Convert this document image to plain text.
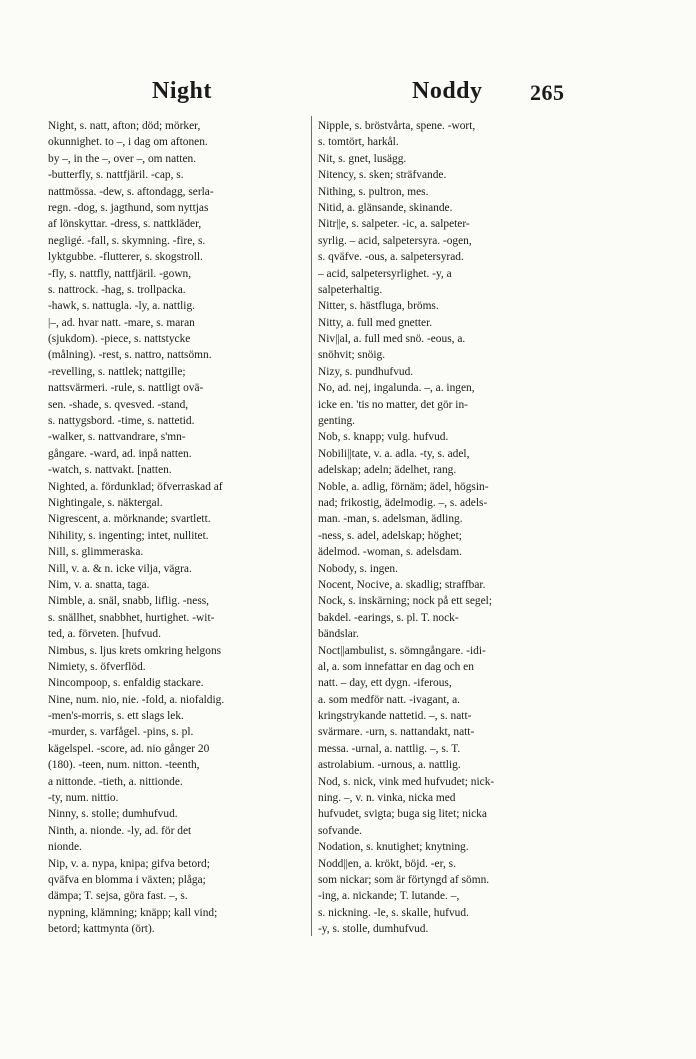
Night	Noddy 265
Night, s. natt, afton; död; mörker,
okunnighet. to –, i dag om aftonen.
by –, in the –, over –, om natten.
-butterfly, s. nattfjäril. -cap, s.
nattmössa. -dew, s. aftondagg, serla-
regn. -dog, s. jagthund, som nyttjas
af lönskyttar. -dress, s. nattkläder,
negligé. -fall, s. skymning. -fire, s.
lyktgubbe. -flutterer, s. skogstroll.
-fly, s. nattfly, nattfjäril. -gown,
s. nattrock. -hag, s. trollpacka.
-hawk, s. nattugla. -ly, a. nattlig.
|–, ad. hvar natt. -mare, s. maran
(sjukdom). -piece, s. nattstycke
(målning). -rest, s. nattro, nattsömn.
-revelling, s. nattlek; nattgille;
nattsvärmeri. -rule, s. nattligt ovä-
sen. -shade, s. qvesved. -stand,
s. nattygsbord. -time, s. nattetid.
-walker, s. nattvandrare, s'mn-
gångare. -ward, ad. inpå natten.
-watch, s. nattvakt. [natten.
Nighted, a. fördunklad; öfverraskad af
Nightingale, s. näktergal.
Nigrescent, a. mörknande; svartlett.
Nihility, s. ingenting; intet, nullitet.
Nill, s. glimmeraska.
Nill, v. a. & n. icke vilja, vägra.
Nim, v. a. snatta, taga.
Nimble, a. snäl, snabb, liflig. -ness,
s. snällhet, snabbhet, hurtighet. -wit-
ted, a. förveten. [hufvud.
Nimbus, s. ljus krets omkring helgons
Nimiety, s. öfverflöd.
Nincompoop, s. enfaldig stackare.
Nine, num. nio, nie. -fold, a. niofaldig.
-men's-morris, s. ett slags lek.
-murder, s. varfågel. -pins, s. pl.
kägelspel. -score, ad. nio gånger 20
(180). -teen, num. nitton. -teenth,
a nittonde. -tieth, a. nittionde.
-ty, num. nittio.
Ninny, s. stolle; dumhufvud.
Ninth, a. nionde. -ly, ad. för det
nionde.
Nip, v. a. nypa, knipa; gifva betord;
qväfva en blomma i växten; plåga;
dämpa; T. sejsa, göra fast. –, s.
nypning, klämning; knäpp; kall vind;
betord; kattmynta (ört).
Nipple, s. bröstvårta, spene. -wort,
s. tomtört, harkål.
Nit, s. gnet, lusägg.
Nitency, s. sken; sträfvande.
Nithing, s. pultron, mes.
Nitid, a. glänsande, skinande.
Nitr||e, s. salpeter. -ic, a. salpeter-
syrlig. – acid, salpetersyra. -ogen,
s. qväfve. -ous, a. salpetersyrad.
– acid, salpetersyrlighet. -y, a
salpeterhaltig.
Nitter, s. hästfluga, bröms.
Nitty, a. full med gnetter.
Niv||al, a. full med snö. -eous, a.
snöhvit; snöig.
Nizy, s. pundhufvud.
No, ad. nej, ingalunda. –, a. ingen,
icke en. 'tis no matter, det gör in-
genting.
Nob, s. knapp; vulg. hufvud.
Nobili||tate, v. a. adla. -ty, s. adel,
adelskap; adeln; ädelhet, rang.
Noble, a. adlig, förnäm; ädel, högsin-
nad; frikostig, ädelmodig. –, s. adels-
man. -man, s. adelsman, ädling.
-ness, s. adel, adelskap; höghet;
ädelmod. -woman, s. adelsdam.
Nobody, s. ingen.
Nocent, Nocive, a. skadlig; straffbar.
Nock, s. inskärning; nock på ett segel;
bakdel. -earings, s. pl. T. nock-
bändslar.
Noct||ambulist, s. sömngångare. -idi-
al, a. som innefattar en dag och en
natt. – day, ett dygn. -iferous,
a. som medför natt. -ivagant, a.
kringstrykande nattetid. –, s. natt-
svärmare. -urn, s. nattandakt, natt-
messa. -urnal, a. nattlig. –, s. T.
astrolabium. -urnous, a. nattlig.
Nod, s. nick, vink med hufvudet; nick-
ning. –, v. n. vinka, nicka med
hufvudet, svigta; buga sig litet; nicka
sofvande.
Nodation, s. knutighet; knytning.
Nodd||en, a. krökt, böjd. -er, s.
som nickar; som är förtyngd af sömn.
-ing, a. nickande; T. lutande. –,
s. nickning. -le, s. skalle, hufvud.
-y, s. stolle, dumhufvud.
